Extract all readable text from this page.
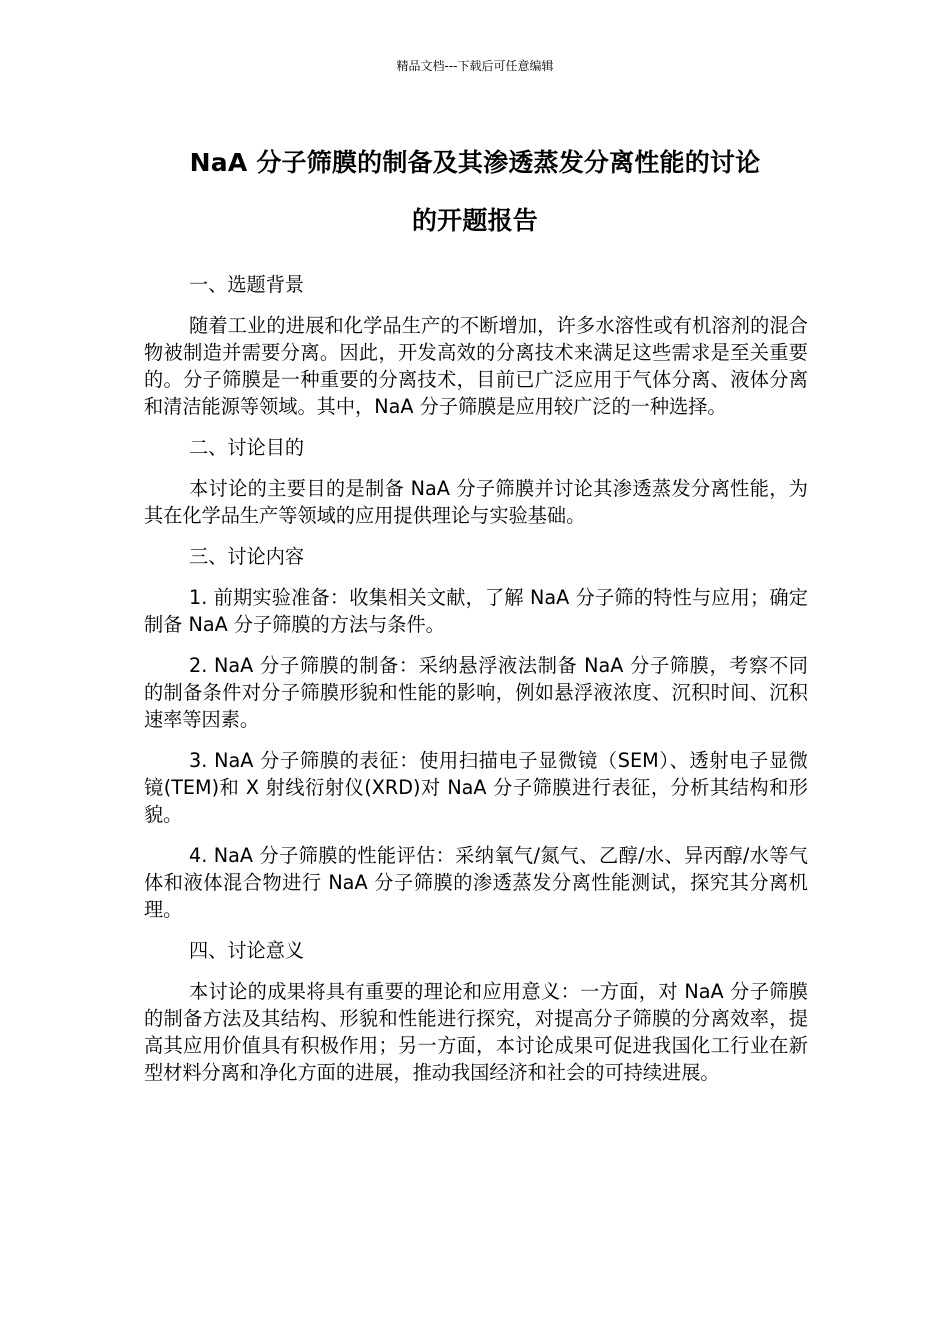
精品文档---下载后可任意编辑
NaA 分子筛膜的制备及其渗透蒸发分离性能的讨论
的开题报告
一、选题背景
随着工业的进展和化学品生产的不断增加，许多水溶性或有机溶剂的混合物被制造并需要分离。因此，开发高效的分离技术来满足这些需求是至关重要的。分子筛膜是一种重要的分离技术，目前已广泛应用于气体分离、液体分离和清洁能源等领域。其中，NaA 分子筛膜是应用较广泛的一种选择。
二、讨论目的
本讨论的主要目的是制备 NaA 分子筛膜并讨论其渗透蒸发分离性能，为其在化学品生产等领域的应用提供理论与实验基础。
三、讨论内容
1. 前期实验准备：收集相关文献，了解 NaA 分子筛的特性与应用；确定制备 NaA 分子筛膜的方法与条件。
2. NaA 分子筛膜的制备：采纳悬浮液法制备 NaA 分子筛膜，考察不同的制备条件对分子筛膜形貌和性能的影响，例如悬浮液浓度、沉积时间、沉积速率等因素。
3. NaA 分子筛膜的表征：使用扫描电子显微镜（SEM）、透射电子显微镜(TEM)和 X 射线衍射仪(XRD)对 NaA 分子筛膜进行表征，分析其结构和形貌。
4. NaA 分子筛膜的性能评估：采纳氧气/氮气、乙醇/水、异丙醇/水等气体和液体混合物进行 NaA 分子筛膜的渗透蒸发分离性能测试，探究其分离机理。
四、讨论意义
本讨论的成果将具有重要的理论和应用意义：一方面，对 NaA 分子筛膜的制备方法及其结构、形貌和性能进行探究，对提高分子筛膜的分离效率，提高其应用价值具有积极作用；另一方面，本讨论成果可促进我国化工行业在新型材料分离和净化方面的进展，推动我国经济和社会的可持续进展。
